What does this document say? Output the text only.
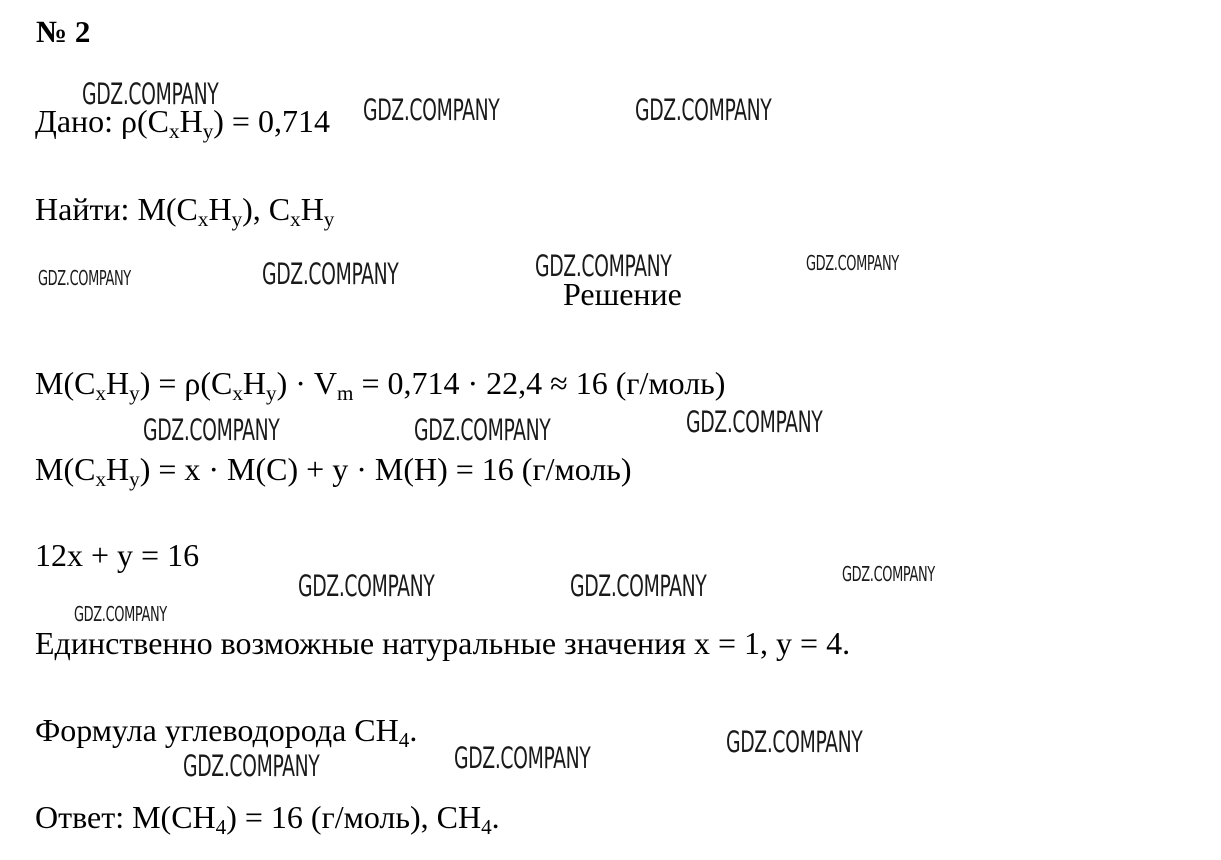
№ 2
Дано: $\rho(C_xH_y) = 0,714$
Найти: $M(C_xH_y)$, $C_xH_y$
Решение
$M(C_xH_y) = \rho(C_xH_y) \cdot V_m = 0,714 \cdot 22,4 \approx 16$ (г/моль)
$M(C_xH_y) = x \cdot M(C) + y \cdot M(H) = 16$ (г/моль)
12x + y = 16
Единственно возможные натуральные значения x = 1, y = 4.
Формула углеводорода $CH_4$.
Ответ: $M(CH_4) = 16$ (г/моль), $CH_4$.
GDZ.COMPANY	GDZ.COMPANY	GDZ.COMPANY
GDZ.COMPANY	GDZ.COMPANY	GDZ.COMPANY	GDZ.COMPANY
GDZ.COMPANY	GDZ.COMPANY	GDZ.COMPANY
GDZ.COMPANY	GDZ.COMPANY	GDZ.COMPANY
GDZ.COMPANY
GDZ.COMPANY
GDZ.COMPANY
GDZ.COMPANY
